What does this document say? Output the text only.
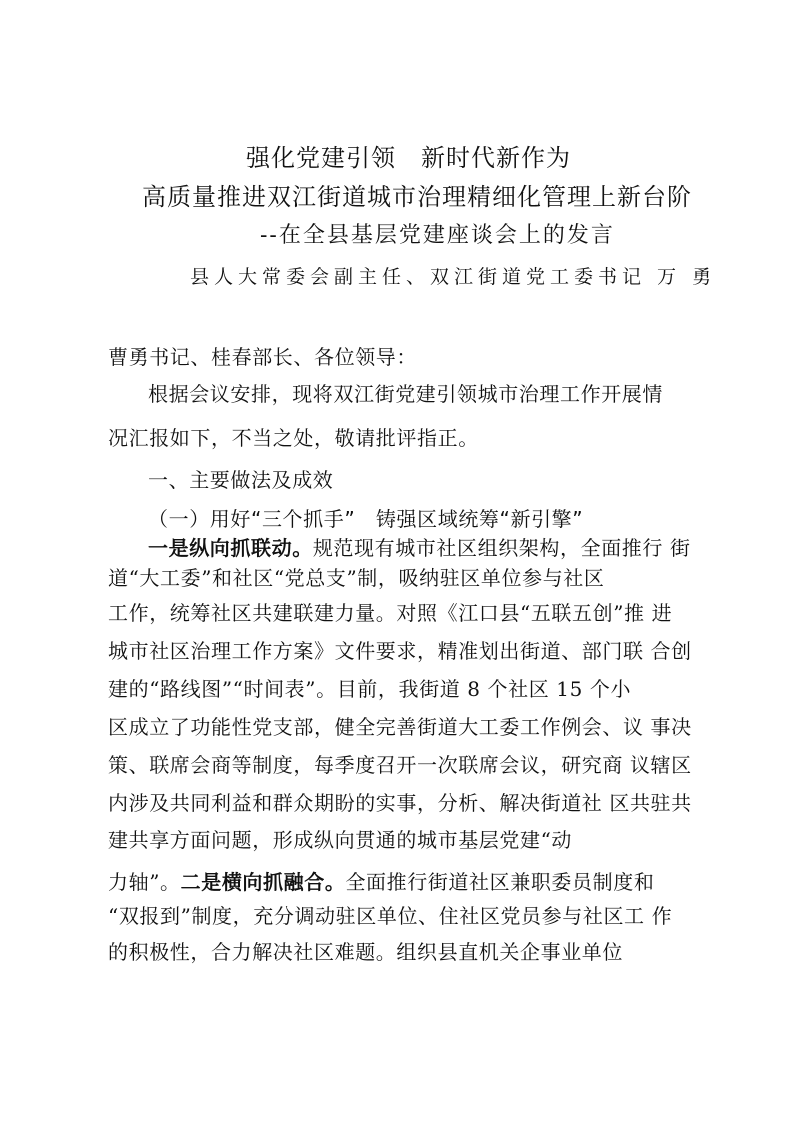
强化党建引领　新时代新作为
高质量推进双江街道城市治理精细化管理上新台阶
--在全县基层党建座谈会上的发言
县人大常委会副主任、双江街道党工委书记 万 勇
曹勇书记、桂春部长、各位领导：
根据会议安排，现将双江街党建引领城市治理工作开展情
况汇报如下，不当之处，敬请批评指正。
一、主要做法及成效
（一）用好“三个抓手”　铸强区域统筹“新引擎”
一是纵向抓联动。规范现有城市社区组织架构，全面推行 街
道“大工委”和社区“党总支”制，吸纳驻区单位参与社区
工作，统筹社区共建联建力量。对照《江口县“五联五创”推 进
城市社区治理工作方案》文件要求，精准划出街道、部门联 合创
建的“路线图”“时间表”。目前，我街道 8 个社区 15 个小
区成立了功能性党支部，健全完善街道大工委工作例会、议 事决
策、联席会商等制度，每季度召开一次联席会议，研究商 议辖区
内涉及共同利益和群众期盼的实事，分析、解决街道社 区共驻共
建共享方面问题，形成纵向贯通的城市基层党建“动
力轴”。二是横向抓融合。全面推行街道社区兼职委员制度和
“双报到”制度，充分调动驻区单位、住社区党员参与社区工 作
的积极性，合力解决社区难题。组织县直机关企事业单位
